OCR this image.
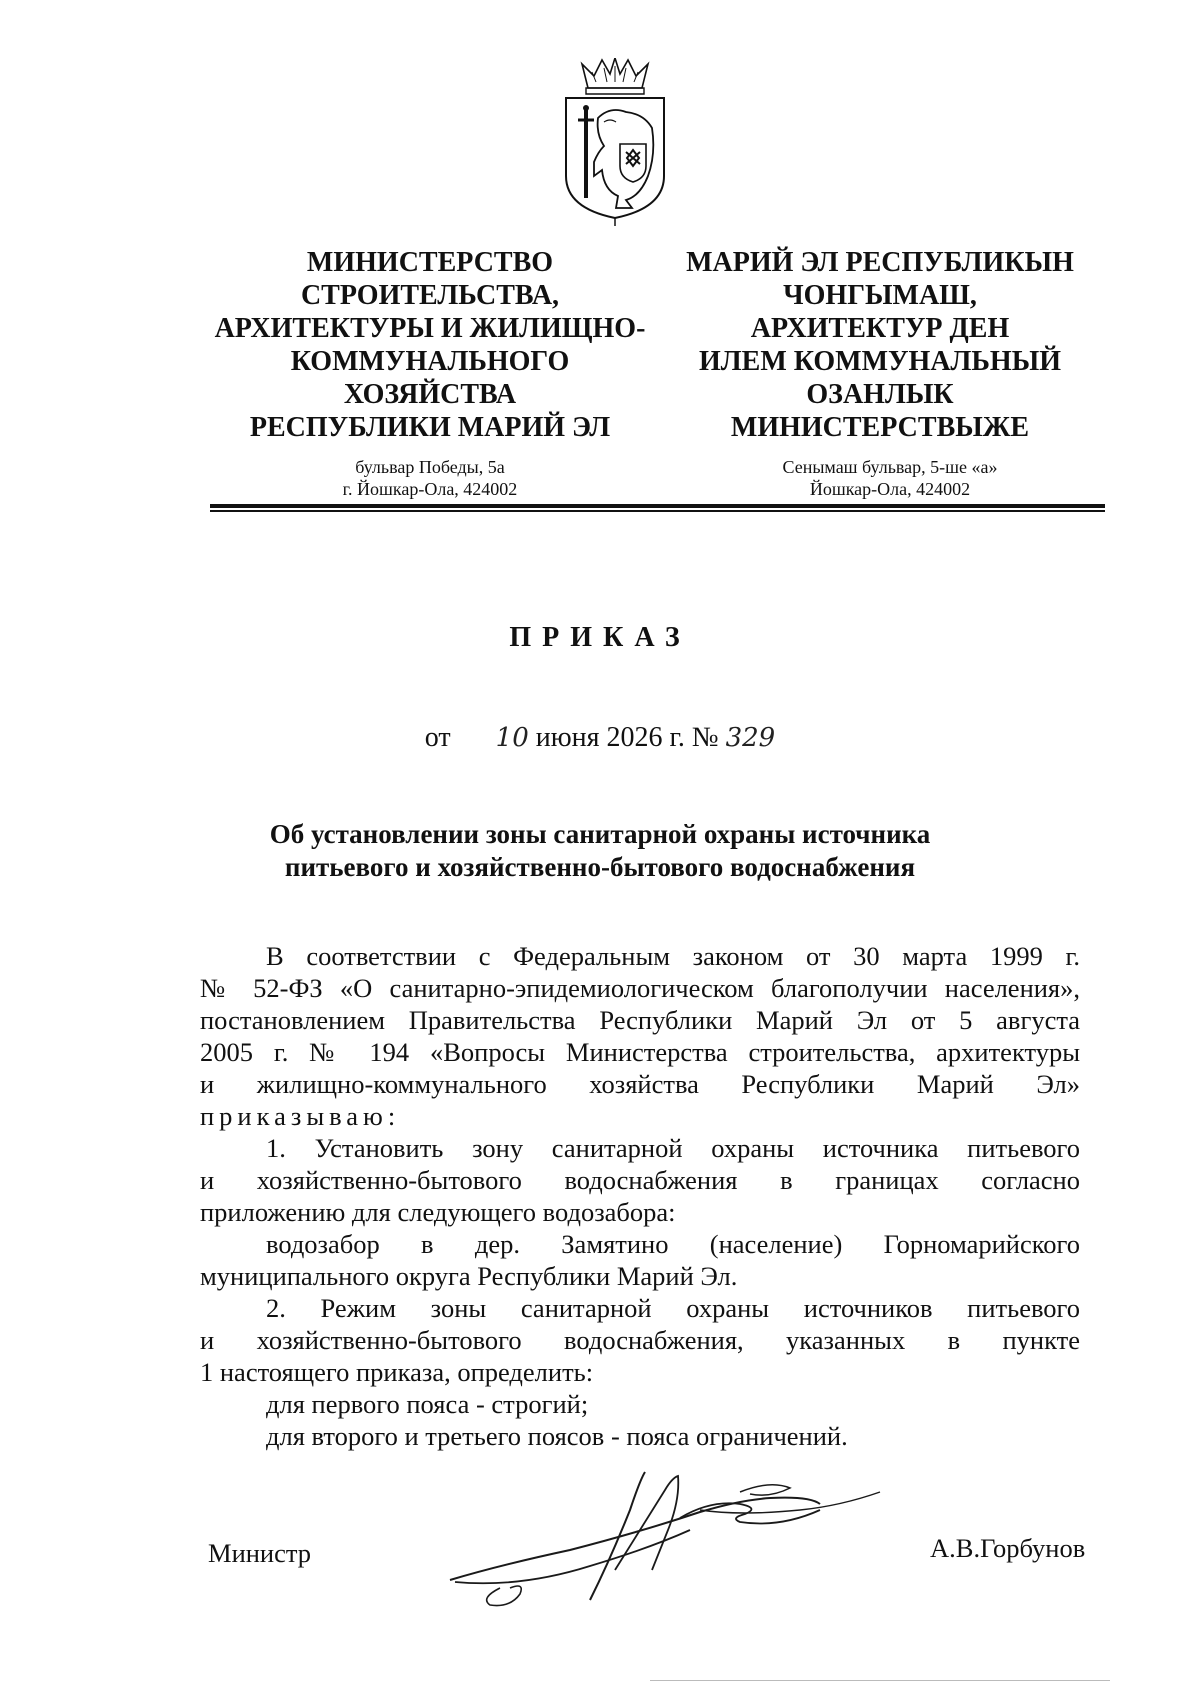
МИНИСТЕРСТВО
СТРОИТЕЛЬСТВА,
АРХИТЕКТУРЫ И ЖИЛИЩНО-
КОММУНАЛЬНОГО
ХОЗЯЙСТВА
РЕСПУБЛИКИ МАРИЙ ЭЛ
МАРИЙ ЭЛ РЕСПУБЛИКЫН
ЧОНГЫМАШ,
АРХИТЕКТУР ДЕН
ИЛЕМ КОММУНАЛЬНЫЙ
ОЗАНЛЫК
МИНИСТЕРСТВЫЖЕ
бульвар Победы, 5а
г. Йошкар-Ола, 424002
Сенымаш бульвар, 5-ше «а»
Йошкар-Ола, 424002
ПРИКАЗ
от 10 июня 2026 г. № 329
Об установлении зоны санитарной охраны источника
питьевого и хозяйственно-бытового водоснабжения
В соответствии с Федеральным законом от 30 марта 1999 г.
№ 52-ФЗ «О санитарно-эпидемиологическом благополучии населения»,
постановлением Правительства Республики Марий Эл от 5 августа
2005 г. № 194 «Вопросы Министерства строительства, архитектуры
и жилищно-коммунального хозяйства Республики Марий Эл»
приказываю:
1. Установить зону санитарной охраны источника питьевого
и хозяйственно-бытового водоснабжения в границах согласно
приложению для следующего водозабора:
водозабор в дер. Замятино (население) Горномарийского
муниципального округа Республики Марий Эл.
2. Режим зоны санитарной охраны источников питьевого
и хозяйственно-бытового водоснабжения, указанных в пункте
1 настоящего приказа, определить:
для первого пояса - строгий;
для второго и третьего поясов - пояса ограничений.
Министр	А.В.Горбунов
